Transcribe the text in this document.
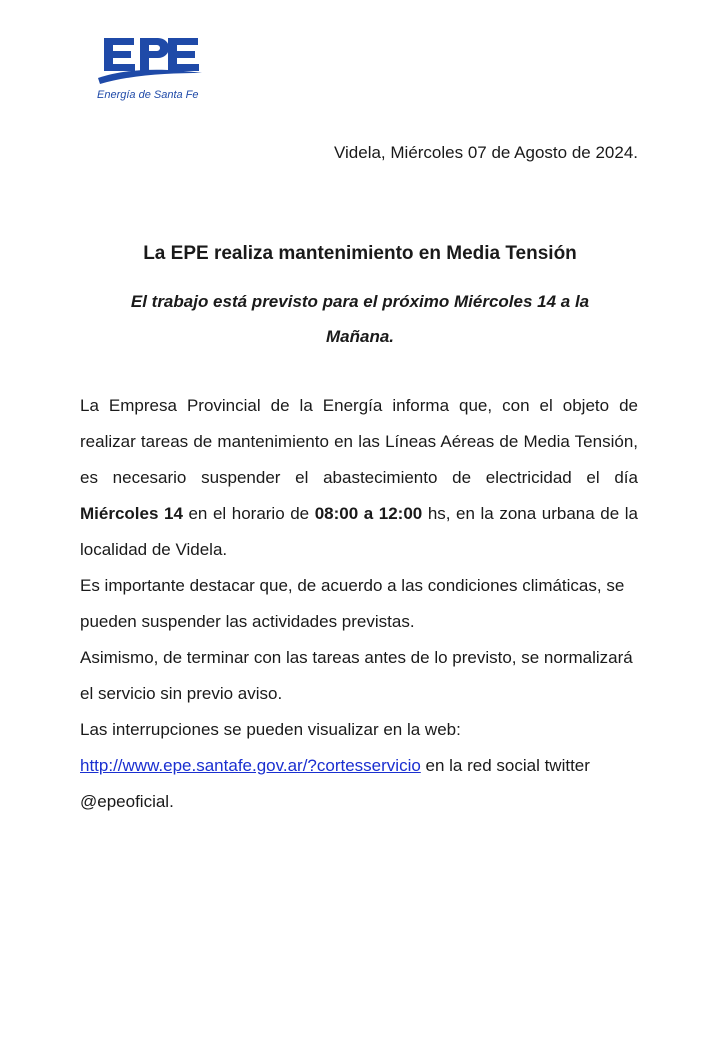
Energía de Santa Fe
Videla, Miércoles 07 de Agosto de 2024.
La EPE realiza mantenimiento en Media Tensión
El trabajo está previsto para el próximo Miércoles 14 a la Mañana.

La Empresa Provincial de la Energía informa que, con el objeto de realizar tareas de mantenimiento en las Líneas Aéreas de Media Tensión, es necesario suspender el abastecimiento de electricidad el día Miércoles 14 en el horario de 08:00 a 12:00 hs, en la zona urbana de la localidad de Videla.

Es importante destacar que, de acuerdo a las condiciones climáticas, se pueden suspender las actividades previstas.

Asimismo, de terminar con las tareas antes de lo previsto, se normalizará el servicio sin previo aviso.

Las interrupciones se pueden visualizar en la web:

http://www.epe.santafe.gov.ar/?cortesservicio en la red social twitter @epeoficial.
